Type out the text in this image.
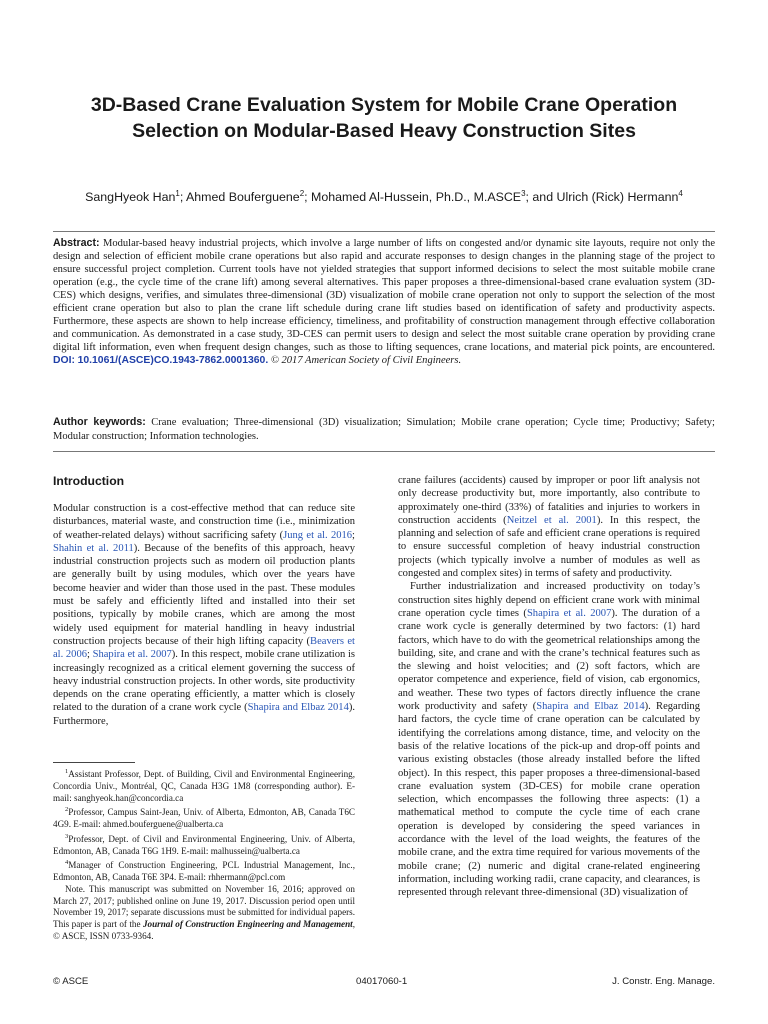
3D-Based Crane Evaluation System for Mobile Crane Operation Selection on Modular-Based Heavy Construction Sites
SangHyeok Han$^1$; Ahmed Bouferguene$^2$; Mohamed Al-Hussein, Ph.D., M.ASCE$^3$; and Ulrich (Rick) Hermann$^4$

Abstract: Modular-based heavy industrial projects, which involve a large number of lifts on congested and/or dynamic site layouts, require not only the design and selection of efficient mobile crane operations but also rapid and accurate responses to design changes in the planning stage of the project to ensure successful project completion. Current tools have not yielded strategies that support informed decisions to select the most suitable mobile crane operation (e.g., the cycle time of the crane lift) among several alternatives. This paper proposes a three-dimensional-based crane evaluation system (3D-CES) which designs, verifies, and simulates three-dimensional (3D) visualization of mobile crane operation not only to support the selection of the most efficient crane operation but also to plan the crane lift schedule during crane lift studies based on identification of safety and productivity aspects. Furthermore, these aspects are shown to help increase efficiency, timeliness, and profitability of construction management through effective collaboration and communication. As demonstrated in a case study, 3D-CES can permit users to design and select the most suitable crane operation by providing crane digital lift information, even when frequent design changes, such as those to lifting sequences, crane locations, and material pick points, are encountered. DOI: 10.1061/(ASCE)CO.1943-7862.0001360. © 2017 American Society of Civil Engineers.

Author keywords: Crane evaluation; Three-dimensional (3D) visualization; Simulation; Mobile crane operation; Cycle time; Productivy; Safety; Modular construction; Information technologies.

Introduction

Modular construction is a cost-effective method that can reduce site disturbances, material waste, and construction time (i.e., minimization of weather-related delays) without sacrificing safety (Jung et al. 2016; Shahin et al. 2011). Because of the benefits of this approach, heavy industrial construction projects such as modern oil production plants are generally built by using modules, which over the years have become heavier and wider than those used in the past. These modules must be safely and efficiently lifted and installed into their set positions, typically by mobile cranes, which are among the most widely used equipment for material handling in heavy industrial construction projects because of their high lifting capacity (Beavers et al. 2006; Shapira et al. 2007). In this respect, mobile crane utilization is increasingly recognized as a critical element governing the success of heavy industrial construction projects. In other words, site productivity depends on the crane operating efficiently, a matter which is closely related to the duration of a crane work cycle (Shapira and Elbaz 2014). Furthermore,

crane failures (accidents) caused by improper or poor lift analysis not only decrease productivity but, more importantly, also contribute to approximately one-third (33%) of fatalities and injuries to workers in construction accidents (Neitzel et al. 2001). In this respect, the planning and selection of safe and efficient crane operations is required to ensure successful completion of heavy industrial construction projects (which typically involve a number of modules as well as congested and complex sites) in terms of safety and productivity.

Further industrialization and increased productivity on today’s construction sites highly depend on efficient crane work with minimal crane operation cycle times (Shapira et al. 2007). The duration of a crane work cycle is generally determined by two factors: (1) hard factors, which have to do with the geometrical relationships among the building, site, and crane and with the crane’s technical features such as the slewing and hoist velocities; and (2) soft factors, which are operator competence and experience, field of vision, cab ergonomics, and weather. These two types of factors directly influence the crane work productivity and safety (Shapira and Elbaz 2014). Regarding hard factors, the cycle time of crane operation can be calculated by identifying the correlations among distance, time, and velocity on the basis of the relative locations of the pick-up and drop-off points and various existing obstacles (those already installed before the lifted object). In this respect, this paper proposes a three-dimensional-based crane evaluation system (3D-CES) for mobile crane operation selection, which encompasses the following three aspects: (1) a mathematical method to compute the cycle time of each crane operation is developed by considering the speed variances in accordance with the level of the load weights, the features of the mobile crane, and the extra time required for various movements of the mobile crane; (2) numeric and digital crane-related engineering information, including working radii, crane capacity, and clearances, is represented through relevant three-dimensional (3D) visualization of

$^1$Assistant Professor, Dept. of Building, Civil and Environmental Engineering, Concordia Univ., Montréal, QC, Canada H3G 1M8 (corresponding author). E-mail: sanghyeok.han@concordia.ca

$^2$Professor, Campus Saint-Jean, Univ. of Alberta, Edmonton, AB, Canada T6C 4G9. E-mail: ahmed.bouferguene@ualberta.ca

$^3$Professor, Dept. of Civil and Environmental Engineering, Univ. of Alberta, Edmonton, AB, Canada T6G 1H9. E-mail: malhussein@ualberta.ca

$^4$Manager of Construction Engineering, PCL Industrial Management, Inc., Edmonton, AB, Canada T6E 3P4. E-mail: rhhermann@pcl.com

Note. This manuscript was submitted on November 16, 2016; approved on March 27, 2017; published online on June 19, 2017. Discussion period open until November 19, 2017; separate discussions must be submitted for individual papers. This paper is part of the Journal of Construction Engineering and Management, © ASCE, ISSN 0733-9364.

© ASCE	04017060-1	J. Constr. Eng. Manage.
